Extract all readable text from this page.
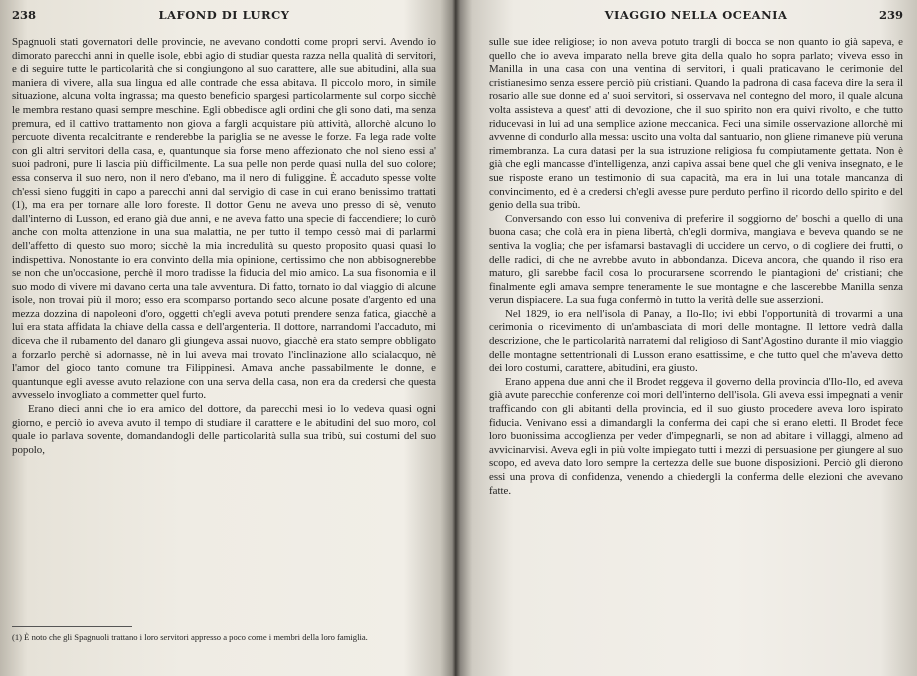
238	LAFOND DI LURCY

Spagnuoli stati governatori delle provincie, ne avevano condotti come propri servi. Avendo io dimorato parecchi anni in quelle isole, ebbi agio di studiar questa razza nella qualità di servitori, e di seguire tutte le particolarità che si congiungono al suo carattere, alle sue abitudini, alla sua maniera di vivere, alla sua lingua ed alle contrade che essa abitava. Il piccolo moro, in simile situazione, alcuna volta ingrassa; ma questo beneficio spargesi particolarmente sul corpo sicchè le membra restano quasi sempre meschine. Egli obbedisce agli ordini che gli sono dati, ma senza premura, ed il cattivo trattamento non giova a fargli acquistare più attività, allorchè alcuno lo percuote diventa recalcitrante e renderebbe la pariglia se ne avesse le forze. Fa lega rade volte con gli altri servitori della casa, e, quantunque sia forse meno affezionato che nol sieno essi a' suoi padroni, pure li lascia più difficilmente. La sua pelle non perde quasi nulla del suo colore; essa conserva il suo nero, non il nero d'ebano, ma il nero di fuliggine. È accaduto spesse volte ch'essi sieno fuggiti in capo a parecchi anni dal servigio di case in cui erano benissimo trattati (1), ma era per tornare alle loro foreste. Il dottor Genu ne aveva uno presso di sè, venuto dall'interno di Lusson, ed erano già due anni, e ne aveva fatto una specie di faccendiere; lo curò anche con molta attenzione in una sua malattia, ne per tutto il tempo cessò mai di parlarmi dell'affetto di questo suo moro; sicchè la mia incredulità su questo proposito quasi quasi lo indispettiva. Nonostante io era convinto della mia opinione, certissimo che non abbisognerebbe se non che un'occasione, perchè il moro tradisse la fiducia del mio amico. La sua fisonomia e il suo modo di vivere mi davano certa una tale avventura. Di fatto, tornato io dal viaggio di alcune isole, non trovai più il moro; esso era scomparso portando seco alcune posate d'argento ed una mezza dozzina di napoleoni d'oro, oggetti ch'egli aveva potuti prendere senza fatica, giacchè a lui era stata affidata la chiave della cassa e dell'argenteria. Il dottore, narrandomi l'accaduto, mi diceva che il rubamento del danaro gli giungeva assai nuovo, giacchè era stato sempre obbligato a forzarlo perchè si adornasse, nè in lui aveva mai trovato l'inclinazione allo scialacquo, nè l'amor del gioco tanto comune tra Filippinesi. Amava anche passabilmente le donne, e quantunque egli avesse avuto relazione con una serva della casa, non era da credersi che questa avvesselo invogliato a commetter quel furto.

Erano dieci anni che io era amico del dottore, da parecchi mesi io lo vedeva quasi ogni giorno, e perciò io aveva avuto il tempo di studiare il carattere e le abitudini del suo moro, col quale io parlava sovente, domandandogli delle particolarità sulla sua tribù, sui costumi del suo popolo,

(1) È noto che gli Spagnuoli trattano i loro servitori appresso a poco come i membri della loro famiglia.
VIAGGIO NELLA OCEANIA	239

sulle sue idee religiose; io non aveva potuto trargli di bocca se non quanto io già sapeva, e quello che io aveva imparato nella breve gita della qualo ho sopra parlato; viveva esso in Manilla in una casa con una ventina di servitori, i quali praticavano le cerimonie del cristianesimo senza essere perciò più cristiani. Quando la padrona di casa faceva dire la sera il rosario alle sue donne ed a' suoi servitori, si osservava nel contegno del moro, il quale alcuna volta assisteva a quest' atti di devozione, che il suo spirito non era quivi rivolto, e che tutto riducevasi in lui ad una semplice azione meccanica. Feci una simile osservazione allorchè mi avvenne di condurlo alla messa: uscito una volta dal santuario, non gliene rimaneve più veruna rimembranza. La cura datasi per la sua istruzione religiosa fu compiutamente gettata. Non è già che egli mancasse d'intelligenza, anzi capiva assai bene quel che gli veniva insegnato, e le sue risposte erano un testimonio di sua capacità, ma era in lui una totale mancanza di convincimento, ed è a credersi ch'egli avesse pure perduto perfino il ricordo dello spirito e del genio della sua tribù.

Conversando con esso lui conveniva di preferire il soggiorno de' boschi a quello di una buona casa; che colà era in piena libertà, ch'egli dormiva, mangiava e beveva quando se ne sentiva la voglia; che per isfamarsi bastavagli di uccidere un cervo, o di cogliere dei frutti, o delle radici, di che ne avrebbe avuto in abbondanza. Diceva ancora, che quando il riso era maturo, gli sarebbe facil cosa lo procurarsene scorrendo le piantagioni de' cristiani; che finalmente egli amava sempre teneramente le sue montagne e che lascerebbe Manilla senza verun dispiacere. La sua fuga confermò in tutto la verità delle sue asserzioni.

Nel 1829, io era nell'isola di Panay, a Ilo-Ilo; ivi ebbi l'opportunità di trovarmi a una cerimonia o ricevimento di un'ambasciata di mori delle montagne. Il lettore vedrà dalla descrizione, che le particolarità narratemi dal religioso di Sant'Agostino durante il mio viaggio delle montagne settentrionali di Lusson erano esattissime, e che tutto quel che m'aveva detto dei loro costumi, carattere, abitudini, era giusto.

Erano appena due anni che il Brodet reggeva il governo della provincia d'Ilo-Ilo, ed aveva già avute parecchie conferenze coi mori dell'interno dell'isola. Gli aveva essi impegnati a venir trafficando con gli abitanti della provincia, ed il suo giusto procedere aveva loro ispirato fiducia. Venivano essi a dimandargli la conferma dei capi che si erano eletti. Il Brodet fece loro buonissima accoglienza per veder d'impegnarli, se non ad abitare i villaggi, almeno ad avvicinarvisi. Aveva egli in più volte impiegato tutti i mezzi di persuasione per giungere al suo scopo, ed aveva dato loro sempre la certezza delle sue buone disposizioni. Perciò gli dierono essi una prova di confidenza, venendo a chiedergli la conferma delle elezioni che avevano fatte.
